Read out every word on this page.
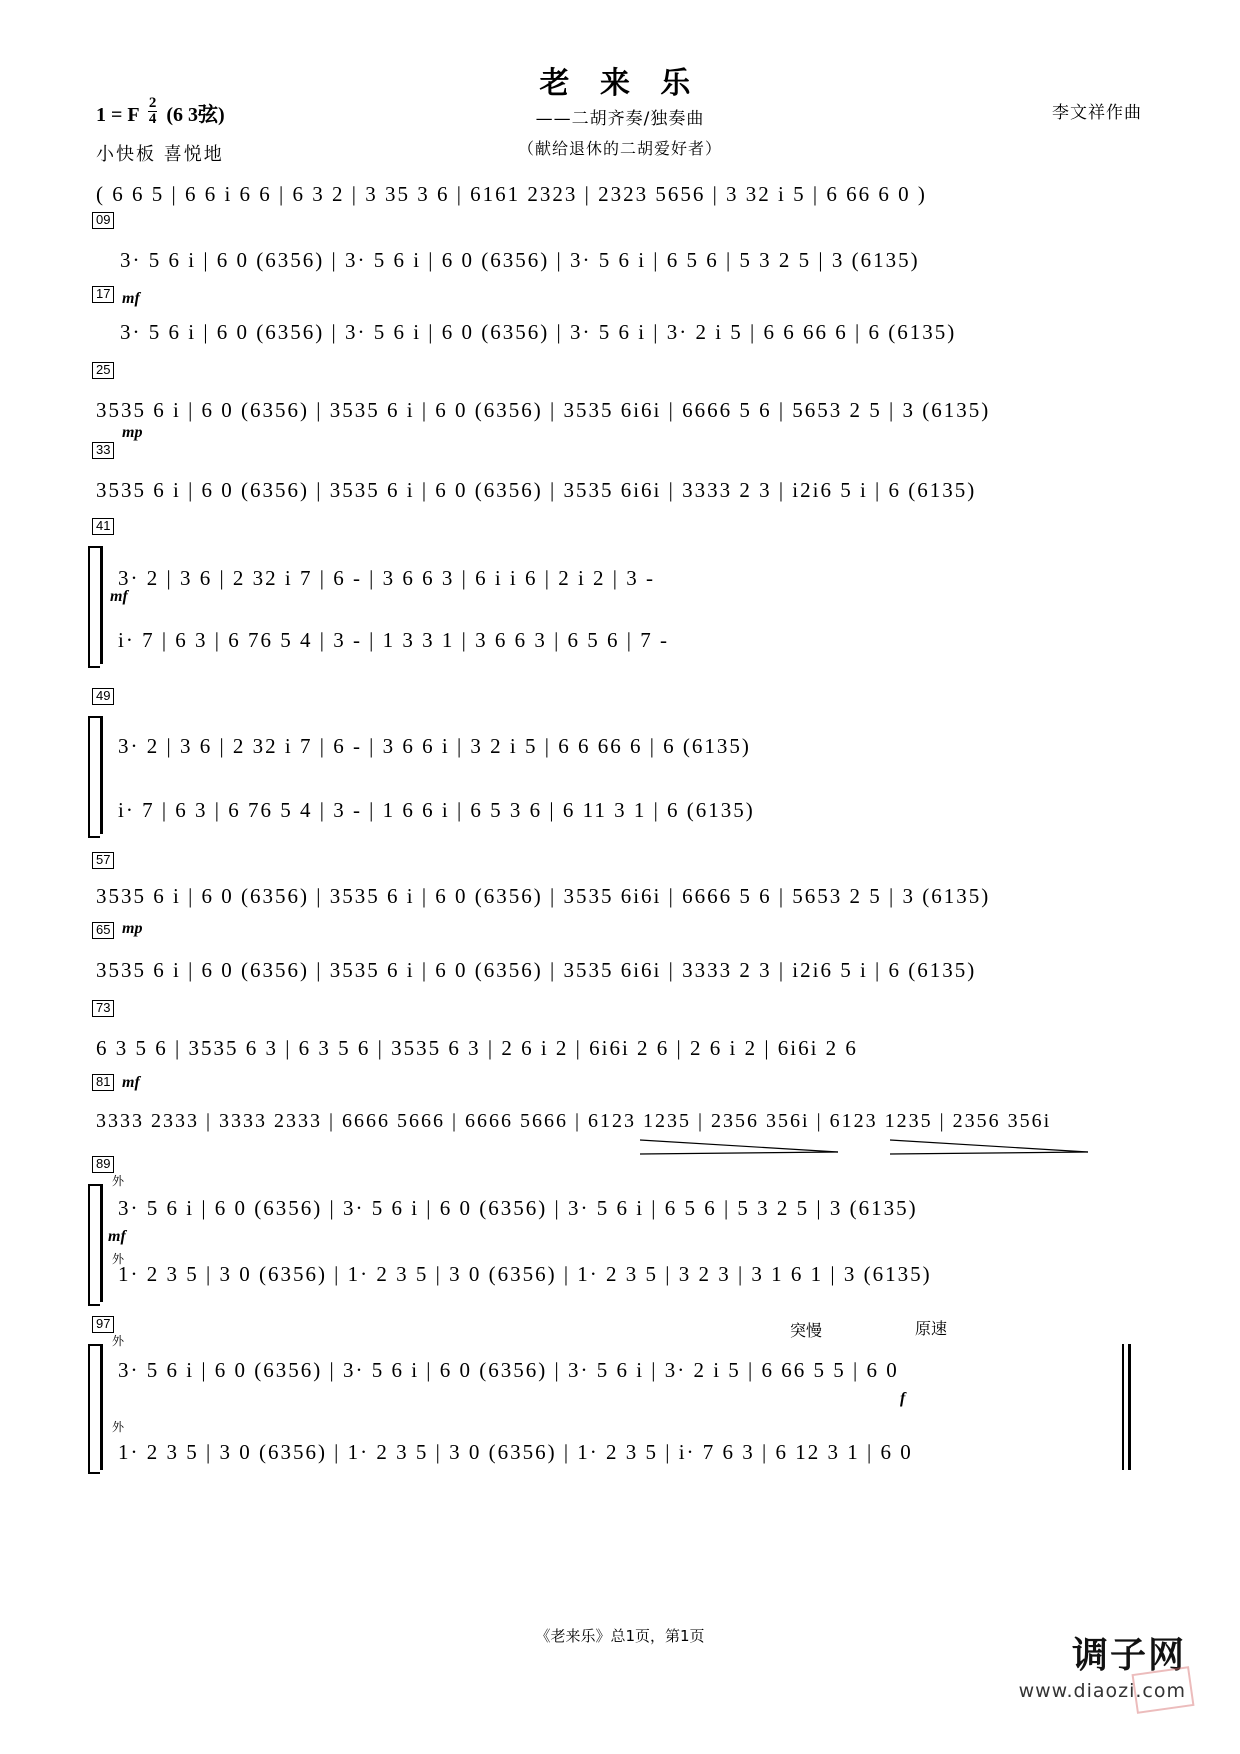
1 = F $\frac{2}{4} (6$ 3弦)
老 来 乐
——二胡齐奏/独奏曲
（献给退休的二胡爱好者）
李文祥作曲
小快板 喜悦地
( 6 6 5 | 6 6 i 6 6 | 6 3 2 | 3 35 3 6 | 6161 2323 | 2323 5656 | 3 32 i 5 | 6 66 6 0 )
09
3· 5 6 i | 6 0 (6356) | 3· 5 6 i | 6 0 (6356) | 3· 5 6 i | 6 5 6 | 5 3 2 5 | 3 (6135)
17 mf
3· 5 6 i | 6 0 (6356) | 3· 5 6 i | 6 0 (6356) | 3· 5 6 i | 3· 2 i 5 | 6 6 66 6 | 6 (6135)
25
3535 6 i | 6 0 (6356) | 3535 6 i | 6 0 (6356) | 3535 6i6i | 6666 5 6 | 5653 2 5 | 3 (6135)
33
mp
3535 6 i | 6 0 (6356) | 3535 6 i | 6 0 (6356) | 3535 6i6i | 3333 2 3 | i2i6 5 i | 6 (6135)
41
mf
3· 2 | 3 6 | 2 32 i 7 | 6 - | 3 6 6 3 | 6 i i 6 | 2 i 2 | 3 -
i· 7 | 6 3 | 6 76 5 4 | 3 - | 1 3 3 1 | 3 6 6 3 | 6 5 6 | 7 -
49
3· 2 | 3 6 | 2 32 i 7 | 6 - | 3 6 6 i | 3 2 i 5 | 6 6 66 6 | 6 (6135)
i· 7 | 6 3 | 6 76 5 4 | 3 - | 1 6 6 i | 6 5 3 6 | 6 11 3 1 | 6 (6135)
57
3535 6 i | 6 0 (6356) | 3535 6 i | 6 0 (6356) | 3535 6i6i | 6666 5 6 | 5653 2 5 | 3 (6135)
65 mp
3535 6 i | 6 0 (6356) | 3535 6 i | 6 0 (6356) | 3535 6i6i | 3333 2 3 | i2i6 5 i | 6 (6135)
73
6 3 5 6 | 3535 6 3 | 6 3 5 6 | 3535 6 3 | 2 6 i 2 | 6i6i 2 6 | 2 6 i 2 | 6i6i 2 6
81 mf
3333 2333 | 3333 2333 | 6666 5666 | 6666 5666 | 6123 1235 | 2356 356i | 6123 1235 | 2356 356i
89
mf
外
外
3· 5 6 i | 6 0 (6356) | 3· 5 6 i | 6 0 (6356) | 3· 5 6 i | 6 5 6 | 5 3 2 5 | 3 (6135)
1· 2 3 5 | 3 0 (6356) | 1· 2 3 5 | 3 0 (6356) | 1· 2 3 5 | 3 2 3 | 3 1 6 1 | 3 (6135)
97	突慢	原速
外
外
3· 5 6 i | 6 0 (6356) | 3· 5 6 i | 6 0 (6356) | 3· 5 6 i | 3· 2 i 5 | 6 66 5 5 | 6 0
f
1· 2 3 5 | 3 0 (6356) | 1· 2 3 5 | 3 0 (6356) | 1· 2 3 5 | i· 7 6 3 | 6 12 3 1 | 6 0
《老来乐》总1页，第1页	调子网
www.diaozi.com
